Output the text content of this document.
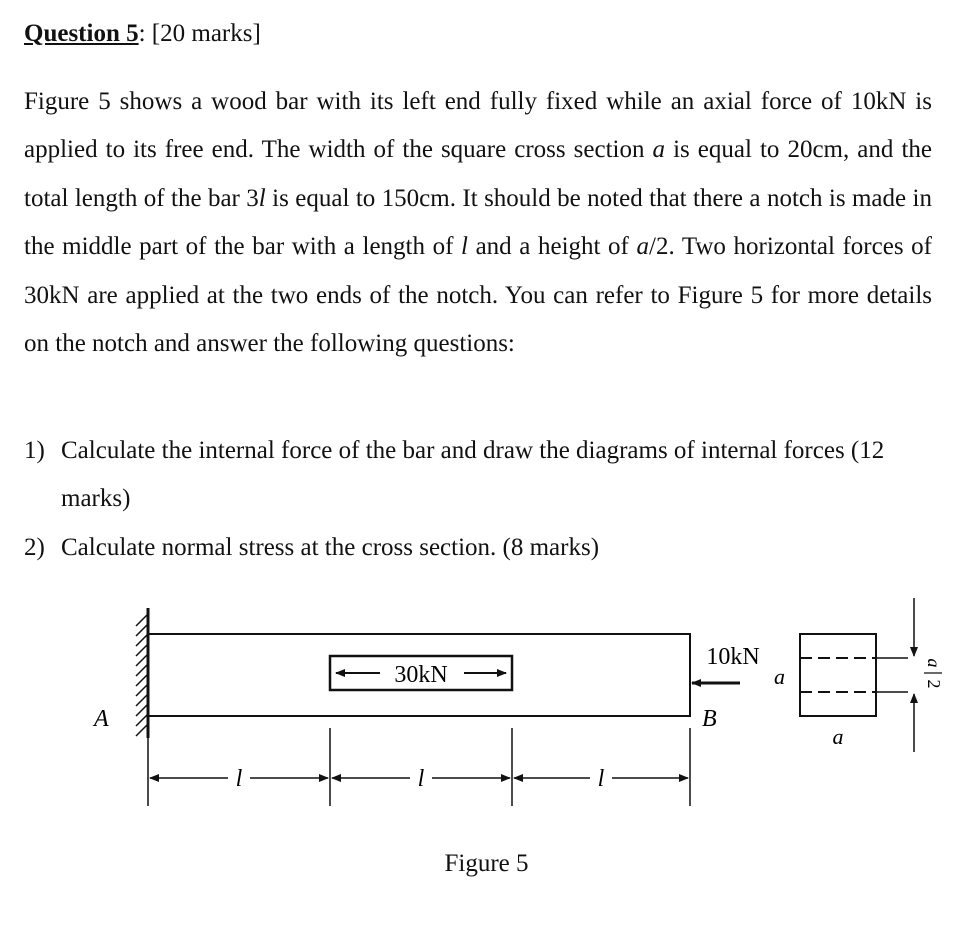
Question 5: [20 marks]
Figure 5 shows a wood bar with its left end fully fixed while an axial force of 10kN is applied to its free end. The width of the square cross section a is equal to 20cm, and the total length of the bar 3l is equal to 150cm. It should be noted that there a notch is made in the middle part of the bar with a length of l and a height of a/2. Two horizontal forces of 30kN are applied at the two ends of the notch. You can refer to Figure 5 for more details on the notch and answer the following questions:
1) Calculate the internal force of the bar and draw the diagrams of internal forces (12 marks)
2) Calculate normal stress at the cross section. (8 marks)
30kN
10kN
A	B
l	l	l
a
a
a
2
Figure 5
